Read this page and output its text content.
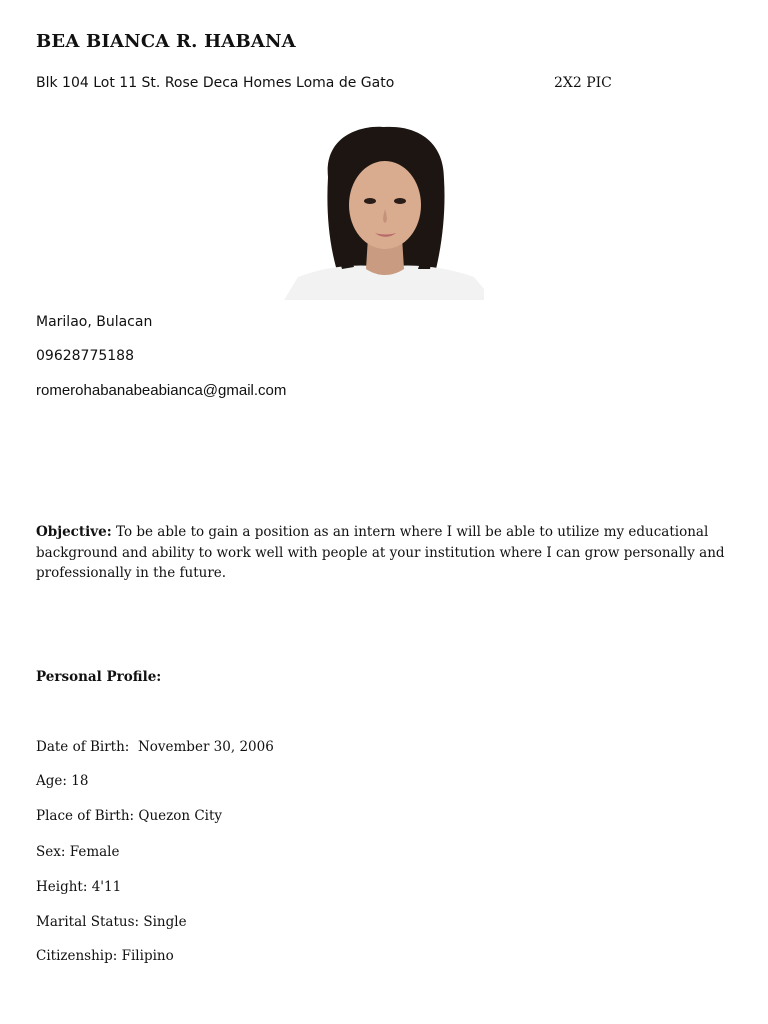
BEA BIANCA R. HABANA
Blk 104 Lot 11 St. Rose Deca Homes Loma de Gato	2X2 PIC
Marilao, Bulacan
09628775188
romerohabanabeabianca@gmail.com

Objective: To be able to gain a position as an intern where I will be able to utilize my educational background and ability to work well with people at your institution where I can grow personally and professionally in the future.

Personal Profile:
Date of Birth: November 30, 2006
Age: 18
Place of Birth: Quezon City
Sex: Female
Height: 4'11
Marital Status: Single
Citizenship: Filipino
